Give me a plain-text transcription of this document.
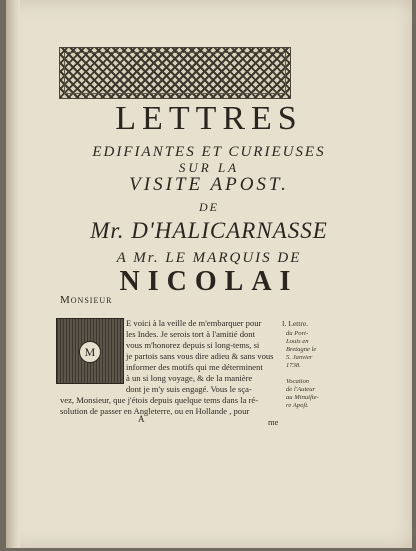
LETTRES
EDIFIANTES ET CURIEUSES
SUR LA
VISITE APOST.
DE
Mr. D'HALICARNASSE
A Mr. LE MARQUIS DE
NICOLAI
Monsieur
M
E voici à la veille de m'embarquer pour
les Indes. Je serois tort à l'amitié dont
vous m'honorez depuis si long-tems, si
je partois sans vous dire adieu & sans vous
informer des motifs qui me déterminent
à un si long voyage, & de la manière
dont je m'y suis engagé. Vous le sça-
vez, Monsieur, que j'étois depuis quelque tems dans la ré-
solution de passer en Angleterre, ou en Hollande , pour
me
A
I. Lettre.
du Port-
Louis en
Bretagne le
5. Janvier
1738.
Vocation
de l'Auteur
au Minuiſte-
re Apoſt.
